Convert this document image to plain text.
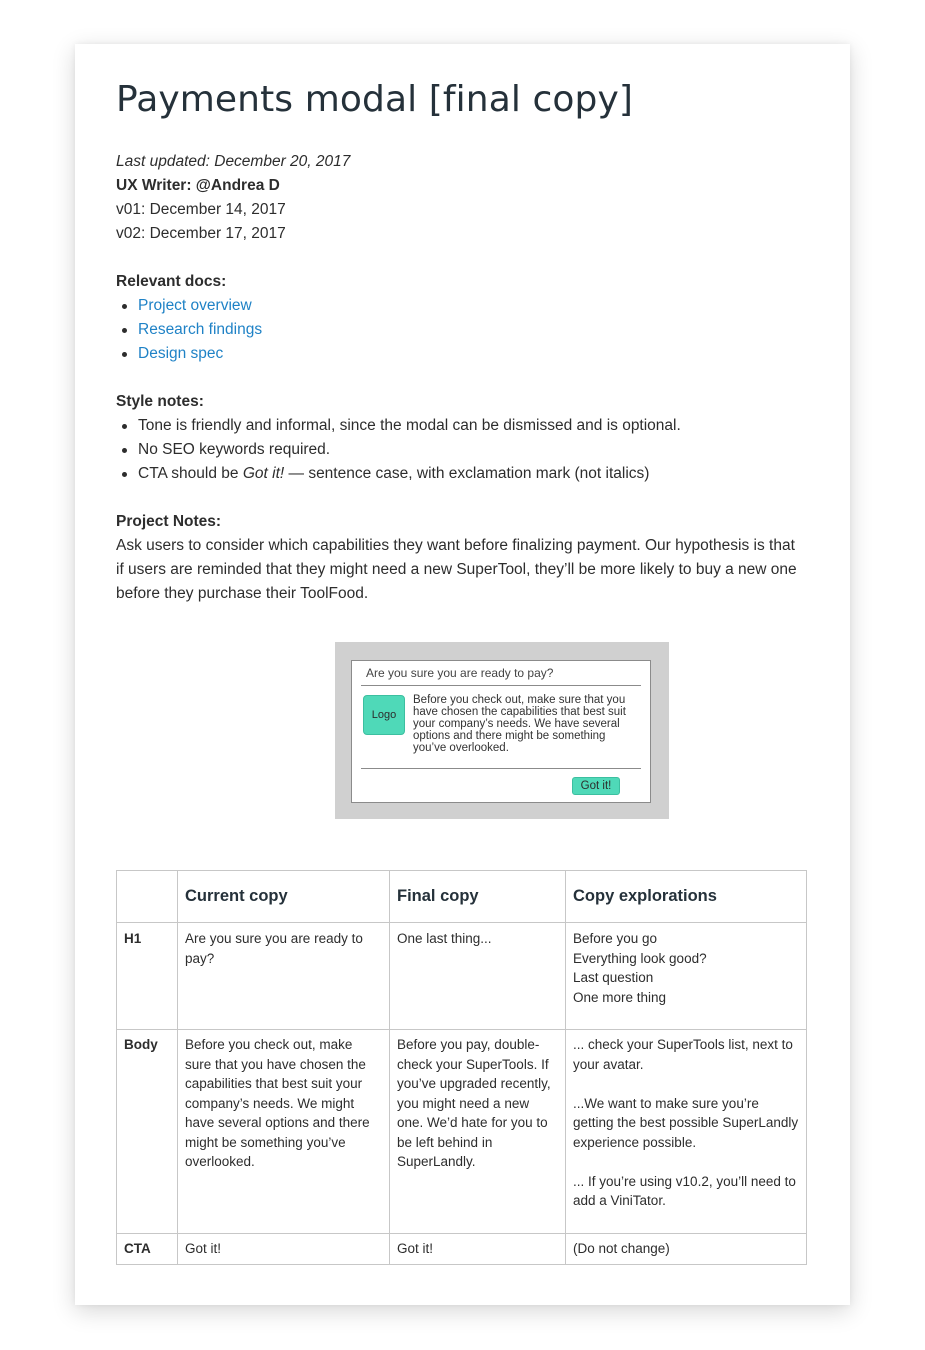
Payments modal [final copy]
Last updated: December 20, 2017
UX Writer: @Andrea D
v01: December 14, 2017
v02: December 17, 2017
Relevant docs:
Project overview
Research findings
Design spec
Style notes:
Tone is friendly and informal, since the modal can be dismissed and is optional.
No SEO keywords required.
CTA should be Got it! — sentence case, with exclamation mark (not italics)
Project Notes:

Ask users to consider which capabilities they want before finalizing payment. Our hypothesis is that if users are reminded that they might need a new SuperTool, they’ll be more likely to buy a new one before they purchase their ToolFood.

Are you sure you are ready to pay?
Logo
Before you check out, make sure that you have chosen the capabilities that best suit your company’s needs. We have several options and there might be something you’ve overlooked.
Got it!
	Current copy	Final copy	Copy explorations
H1	Are you sure you are ready to pay?	One last thing...	Before you go
Everything look good?
Last question
One more thing

Body	Before you check out, make sure that you have chosen the capabilities that best suit your company’s needs. We might have several options and there might be something you’ve overlooked.	Before you pay, double-check your SuperTools. If you’ve upgraded recently, you might need a new one. We’d hate for you to be left behind in SuperLandly.	... check your SuperTools list, next to your avatar.
...We want to make sure you’re getting the best possible SuperLandly experience possible.
... If you’re using v10.2, you’ll need to add a ViniTator.

CTA	Got it!	Got it!	(Do not change)
